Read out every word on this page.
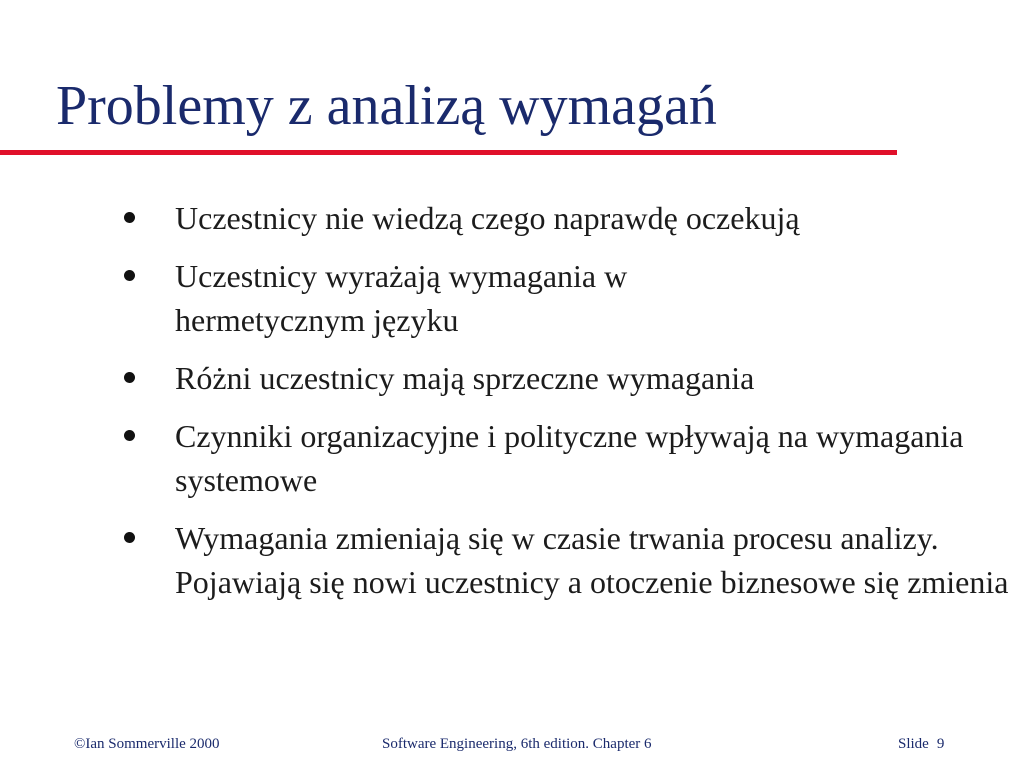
Problemy z analizą wymagań
Uczestnicy nie wiedzą czego naprawdę oczekują
Uczestnicy wyrażają wymagania w hermetycznym języku
Różni uczestnicy mają sprzeczne wymagania
Czynniki organizacyjne i polityczne wpływają na wymagania systemowe
Wymagania zmieniają się w czasie trwania procesu analizy. Pojawiają się nowi uczestnicy a otoczenie biznesowe się zmienia
©Ian Sommerville 2000	Software Engineering, 6th edition. Chapter 6	Slide 9
